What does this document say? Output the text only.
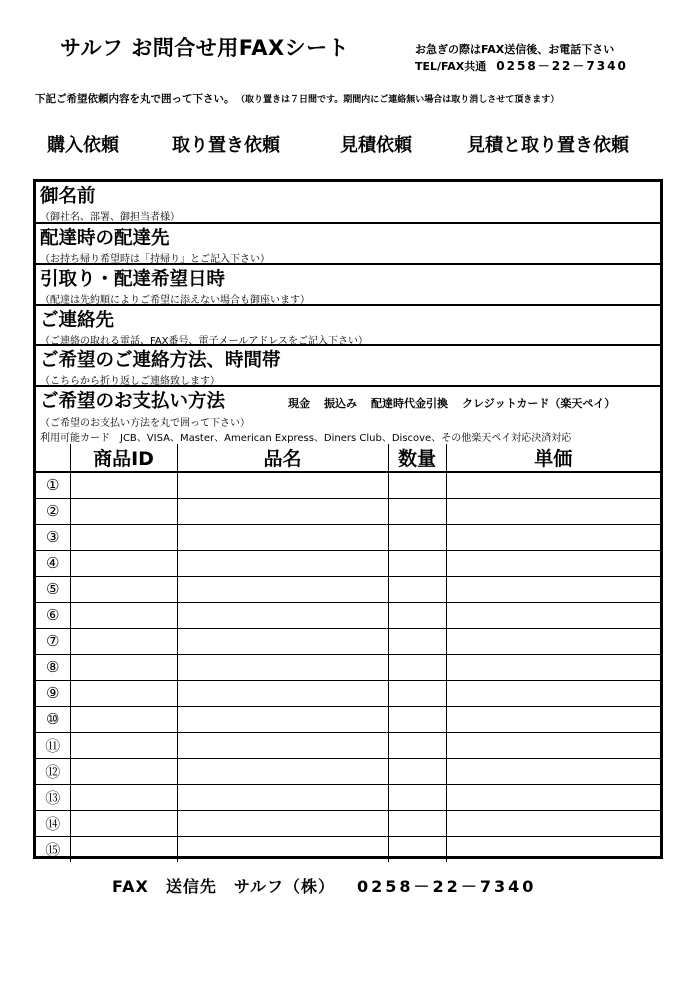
サルフ お問合せ用FAXシート	お急ぎの際はFAX送信後、お電話下さい
TEL/FAX共通 0258－22－7340
下記ご希望依頼内容を丸で囲って下さい。 （取り置きは７日間です。期間内にご連絡無い場合は取り消しさせて頂きます）
購入依頼	取り置き依頼	見積依頼	見積と取り置き依頼
御名前
（御社名、部署、御担当者様）
配達時の配達先
（お持ち帰り希望時は「持帰り」とご記入下さい）
引取り・配達希望日時
（配達は先約順によりご希望に添えない場合も御座います）
ご連絡先
（ご連絡の取れる電話、FAX番号、電子メールアドレスをご記入下さい）
ご希望のご連絡方法、時間帯
（こちらから折り返しご連絡致します）
ご希望のお支払い方法	現金 振込み 配達時代金引換 クレジットカード（楽天ペイ）
（ご希望のお支払い方法を丸で囲って下さい）
利用可能カード　JCB、VISA、Master、American Express、Diners Club、Discove、その他楽天ペイ対応決済対応
	商品ID	品名	数量	単価
①				
②				
③				
④				
⑤				
⑥				
⑦				
⑧				
⑨				
⑩				
⑪				
⑫				
⑬				
⑭				
⑮				
FAX　送信先　サルフ（株） 0258－22－7340
